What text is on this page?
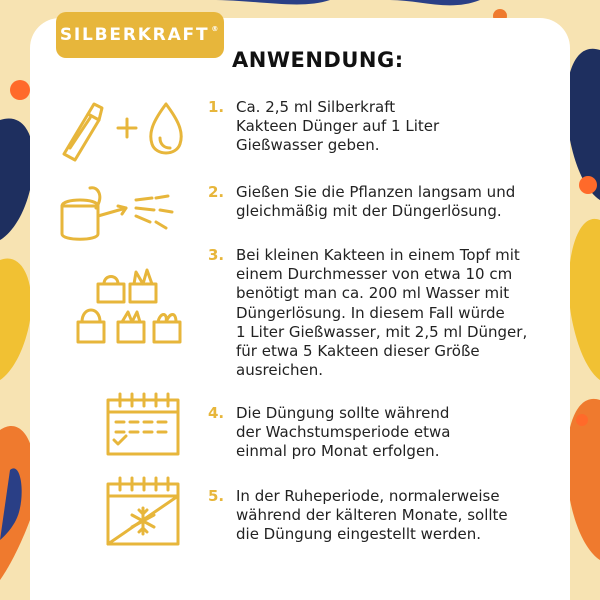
SILBERKRAFT ®
ANWENDUNG:
1. Ca. 2,5 ml Silberkraft
Kakteen Dünger auf 1 Liter
Gießwasser geben.
2. Gießen Sie die Pflanzen langsam und
gleichmäßig mit der Düngerlösung.
3. Bei kleinen Kakteen in einem Topf mit
einem Durchmesser von etwa 10 cm
benötigt man ca. 200 ml Wasser mit
Düngerlösung. In diesem Fall würde
1 Liter Gießwasser, mit 2,5 ml Dünger,
für etwa 5 Kakteen dieser Größe
ausreichen.
4. Die Düngung sollte während
der Wachstumsperiode etwa
einmal pro Monat erfolgen.
5. In der Ruheperiode, normalerweise
während der kälteren Monate, sollte
die Düngung eingestellt werden.
